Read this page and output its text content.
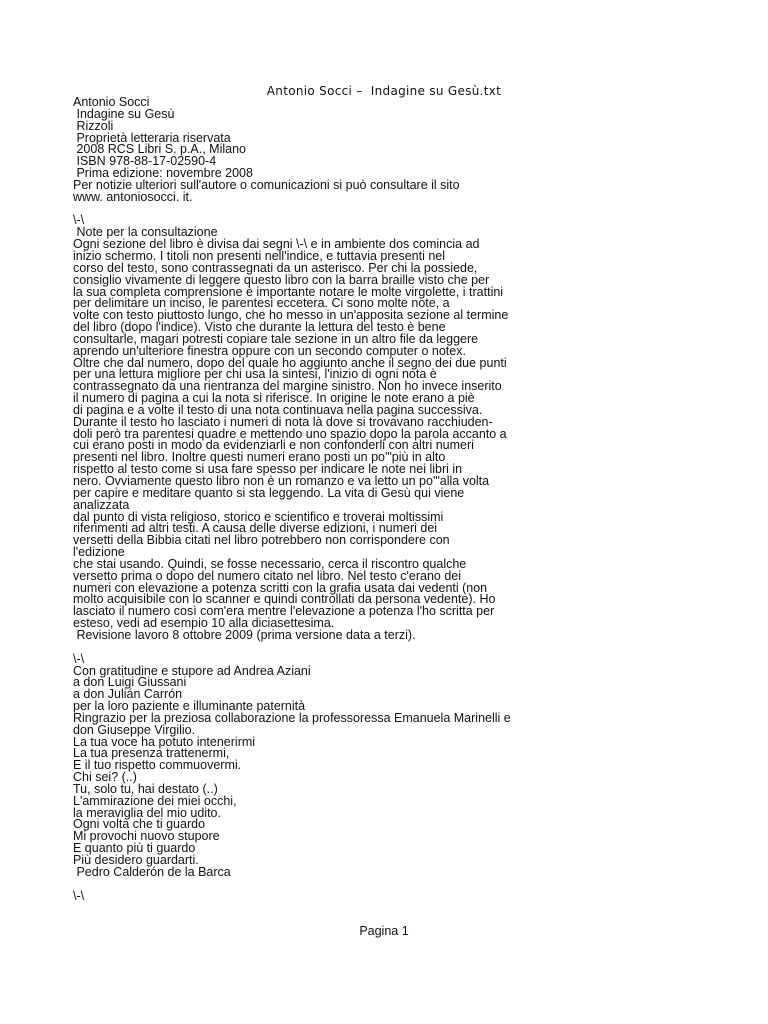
Antonio Socci –  Indagine su Gesù.txt
Antonio Socci
Indagine su Gesù
Rizzoli
Proprietà letteraria riservata
2008 RCS Libri S. p.A., Milano
ISBN 978-88-17-02590-4
Prima edizione: novembre 2008
Per notizie ulteriori sull'autore o comunicazioni si può consultare il sito
www. antoniosocci. it.
\-\
Note per la consultazione
Ogni sezione del libro è divisa dai segni \-\ e in ambiente dos comincia ad
inizio schermo. I titoli non presenti nell'indice, e tuttavia presenti nel
corso del testo, sono contrassegnati da un asterisco. Per chi la possiede,
consiglio vivamente di leggere questo libro con la barra braille visto che per
la sua completa comprensione è importante notare le molte virgolette, i trattini
per delimitare un inciso, le parentesi eccetera. Ci sono molte note, a
volte con testo piuttosto lungo, che ho messo in un'apposita sezione al termine
del libro (dopo l'indice). Visto che durante la lettura del testo è bene
consultarle, magari potresti copiare tale sezione in un altro file da leggere
aprendo un'ulteriore finestra oppure con un secondo computer o notex.
Oltre che dal numero, dopo del quale ho aggiunto anche il segno dei due punti
per una lettura migliore per chi usa la sintesi, l'inizio di ogni nota è
contrassegnato da una rientranza del margine sinistro. Non ho invece inserito
il numero di pagina a cui la nota si riferisce. In origine le note erano a piè
di pagina e a volte il testo di una nota continuava nella pagina successiva.
Durante il testo ho lasciato i numeri di nota là dove si trovavano racchiuden-
doli però tra parentesi quadre e mettendo uno spazio dopo la parola accanto a
cui erano posti in modo da evidenziarli e non confonderli con altri numeri
presenti nel libro. Inoltre questi numeri erano posti un po'"più in alto
rispetto al testo come si usa fare spesso per indicare le note nei libri in
nero. Ovviamente questo libro non è un romanzo e va letto un po'"alla volta
per capire e meditare quanto si sta leggendo. La vita di Gesù qui viene
analizzata
dal punto di vista religioso, storico e scientifico e troverai moltissimi
riferimenti ad altri testi. A causa delle diverse edizioni, i numeri dei
versetti della Bibbia citati nel libro potrebbero non corrispondere con
l'edizione
che stai usando. Quindi, se fosse necessario, cerca il riscontro qualche
versetto prima o dopo del numero citato nel libro. Nel testo c'erano dei
numeri con elevazione a potenza scritti con la grafia usata dai vedenti (non
molto acquisibile con lo scanner e quindi controllati da persona vedente). Ho
lasciato il numero così com'era mentre l'elevazione a potenza l'ho scritta per
esteso, vedi ad esempio 10 alla diciasettesima.
Revisione lavoro 8 ottobre 2009 (prima versione data a terzi).
\-\
Con gratitudine e stupore ad Andrea Aziani
a don Luigi Giussani
a don Julián Carrón
per la loro paziente e illuminante paternità
Ringrazio per la preziosa collaborazione la professoressa Emanuela Marinelli e
don Giuseppe Virgilio.
La tua voce ha potuto intenerirmi
La tua presenza trattenermi,
E il tuo rispetto commuovermi.
Chi sei? (..)
Tu, solo tu, hai destato (..)
L'ammirazione dei miei occhi,
la meraviglia del mio udito.
Ogni volta che ti guardo
Mi provochi nuovo stupore
E quanto più ti guardo
Più desidero guardarti.
Pedro Calderón de la Barca
\-\
Pagina 1
